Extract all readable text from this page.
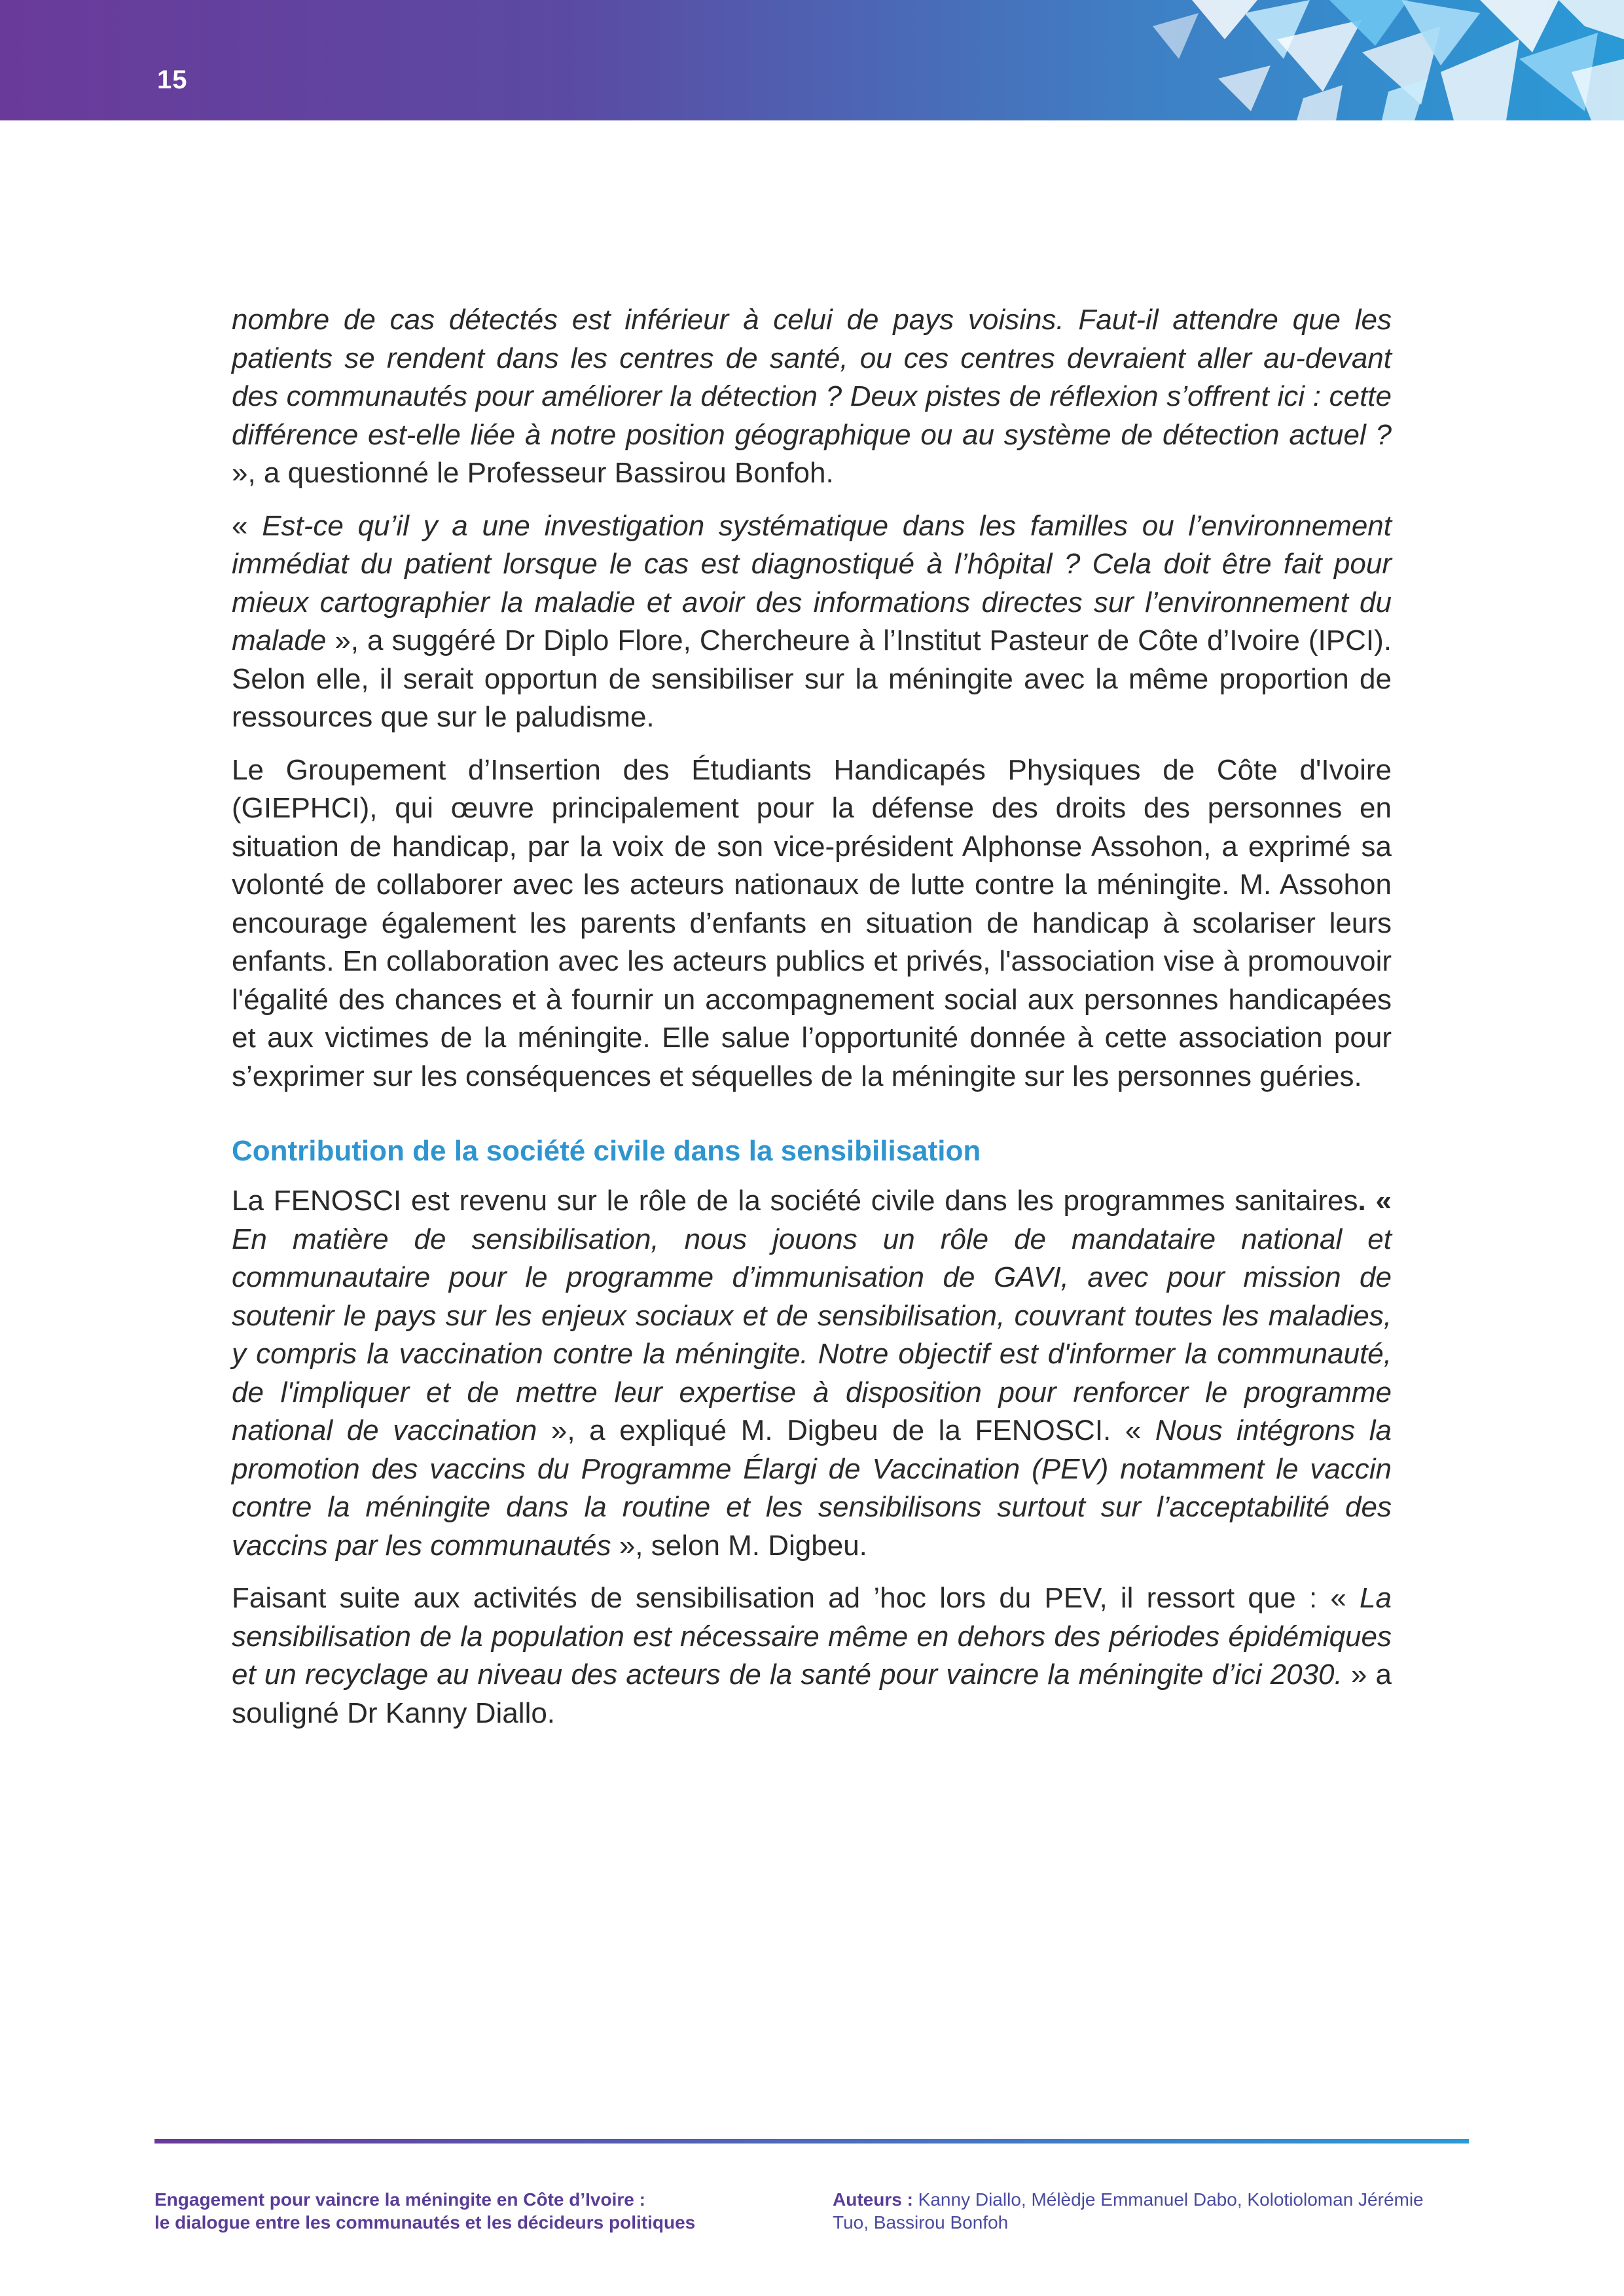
15

nombre de cas détectés est inférieur à celui de pays voisins. Faut-il attendre que les patients se rendent dans les centres de santé, ou ces centres devraient aller au-devant des communautés pour améliorer la détection ? Deux pistes de réflexion s’offrent ici : cette différence est-elle liée à notre position géographique ou au système de détection actuel ? », a questionné le Professeur Bassirou Bonfoh.

« Est-ce qu’il y a une investigation systématique dans les familles ou l’environnement immédiat du patient lorsque le cas est diagnostiqué à l’hôpital ? Cela doit être fait pour mieux cartographier la maladie et avoir des informations directes sur l’environnement du malade », a suggéré Dr Diplo Flore, Chercheure à l’Institut Pasteur de Côte d’Ivoire (IPCI). Selon elle, il serait opportun de sensibiliser sur la méningite avec la même proportion de ressources que sur le paludisme.

Le Groupement d’Insertion des Étudiants Handicapés Physiques de Côte d'Ivoire (GIEPHCI), qui œuvre principalement pour la défense des droits des personnes en situation de handicap, par la voix de son vice-président Alphonse Assohon, a exprimé sa volonté de collaborer avec les acteurs nationaux de lutte contre la méningite. M. Assohon encourage également les parents d’enfants en situation de handicap à scolariser leurs enfants. En collaboration avec les acteurs publics et privés, l'association vise à promouvoir l'égalité des chances et à fournir un accompagnement social aux personnes handicapées et aux victimes de la méningite. Elle salue l’opportunité donnée à cette association pour s’exprimer sur les conséquences et séquelles de la méningite sur les personnes guéries.

Contribution de la société civile dans la sensibilisation

La FENOSCI est revenu sur le rôle de la société civile dans les programmes sanitaires. « En matière de sensibilisation, nous jouons un rôle de mandataire national et communautaire pour le programme d’immunisation de GAVI, avec pour mission de soutenir le pays sur les enjeux sociaux et de sensibilisation, couvrant toutes les maladies, y compris la vaccination contre la méningite. Notre objectif est d'informer la communauté, de l'impliquer et de mettre leur expertise à disposition pour renforcer le programme national de vaccination », a expliqué M. Digbeu de la FENOSCI. « Nous intégrons la promotion des vaccins du Programme Élargi de Vaccination (PEV) notamment le vaccin contre la méningite dans la routine et les sensibilisons surtout sur l’acceptabilité des vaccins par les communautés », selon M. Digbeu.

Faisant suite aux activités de sensibilisation ad ’hoc lors du PEV, il ressort que : « La sensibilisation de la population est nécessaire même en dehors des périodes épidémiques et un recyclage au niveau des acteurs de la santé pour vaincre la méningite d’ici 2030. » a souligné Dr Kanny Diallo.

Engagement pour vaincre la méningite en Côte d’Ivoire :
le dialogue entre les communautés et les décideurs politiques
Auteurs : Kanny Diallo, Mélèdje Emmanuel Dabo, Kolotioloman Jérémie Tuo, Bassirou Bonfoh
